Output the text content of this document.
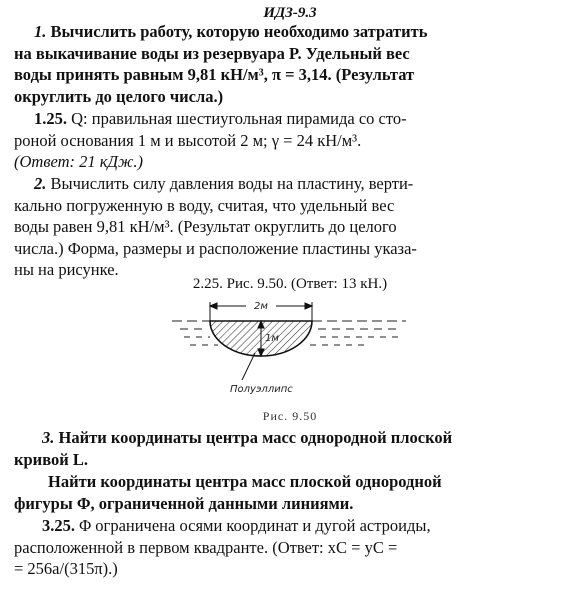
ИДЗ-9.3
1. Вычислить работу, которую необходимо затратить
на выкачивание воды из резервуара P. Удельный вес
воды принять равным 9,81 кН/м³, π = 3,14. (Результат
округлить до целого числа.)
1.25. Q: правильная шестиугольная пирамида со сто-
роной основания 1 м и высотой 2 м; γ = 24 кН/м³.
(Ответ: 21 кДж.)
2. Вычислить силу давления воды на пластину, верти-
кально погруженную в воду, считая, что удельный вес
воды равен 9,81 кН/м³. (Результат округлить до целого
числа.) Форма, размеры и расположение пластины указа-
ны на рисунке.
2.25. Рис. 9.50. (Ответ: 13 кН.)
2м
1м
Полуэллипс
Рис. 9.50
3. Найти координаты центра масс однородной плоской
кривой L.
Найти координаты центра масс плоской однородной
фигуры Φ, ограниченной данными линиями.
3.25. Φ ограничена осями координат и дугой астроиды,
расположенной в первом квадранте. (Ответ: xC = yC =
= 256a/(315π).)
